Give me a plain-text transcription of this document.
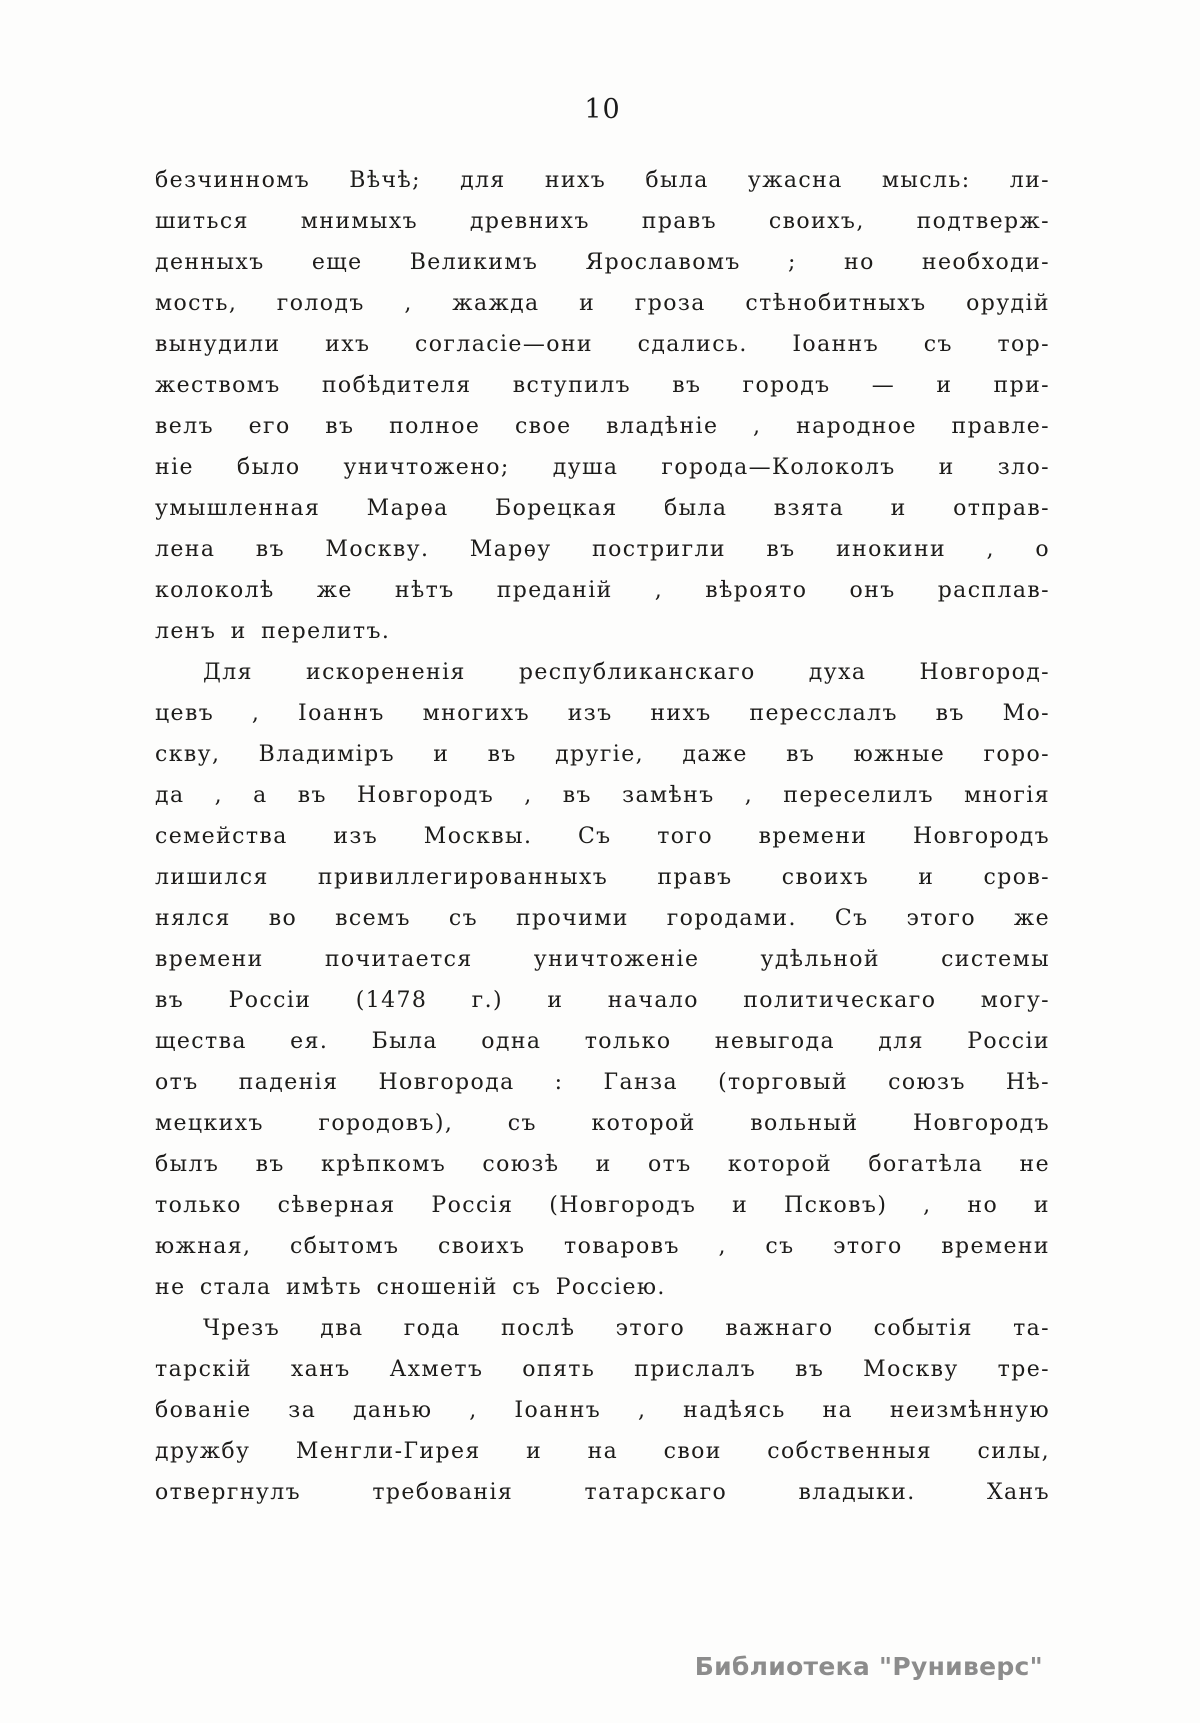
10
безчинномъ Вѣчѣ; для нихъ была ужасна мысль: ли-
шиться мнимыхъ древнихъ правъ своихъ, подтверж-
денныхъ еще Великимъ Ярославомъ ; но необходи-
мость, голодъ , жажда и гроза стѣнобитныхъ орудій
вынудили ихъ согласіе—они сдались. Іоаннъ съ тор-
жествомъ побѣдителя вступилъ въ городъ — и при-
велъ его въ полное свое владѣніе , народное правле-
ніе было уничтожено; душа города—Колоколъ и зло-
умышленная Марѳа Борецкая была взята и отправ-
лена въ Москву. Марѳу постригли въ инокини , о
колоколѣ же нѣтъ преданій , вѣроято онъ расплав-
ленъ и перелитъ.
Для искорененія республиканскаго духа Новгород-
цевъ , Іоаннъ многихъ изъ нихъ пересслалъ въ Мо-
скву, Владиміръ и въ другіе, даже въ южные горо-
да , а въ Новгородъ , въ замѣнъ , переселилъ многія
семейства изъ Москвы. Съ того времени Новгородъ
лишился привиллегированныхъ правъ своихъ и сров-
нялся во всемъ съ прочими городами. Съ этого же
времени почитается уничтоженіе удѣльной системы
въ Россіи (1478 г.) и начало политическаго могу-
щества ея. Была одна только невыгода для Россіи
отъ паденія Новгорода : Ганза (торговый союзъ Нѣ-
мецкихъ городовъ), съ которой вольный Новгородъ
былъ въ крѣпкомъ союзѣ и отъ которой богатѣла не
только сѣверная Россія (Новгородъ и Псковъ) , но и
южная, сбытомъ своихъ товаровъ , съ этого времени
не стала имѣть сношеній съ Россіею.
Чрезъ два года послѣ этого важнаго событія та-
тарскій ханъ Ахметъ опять прислалъ въ Москву тре-
бованіе за данью , Іоаннъ , надѣясь на неизмѣнную
дружбу Менгли-Гирея и на свои собственныя силы,
отвергнулъ требованія татарскаго владыки. Ханъ
Библиотека "Руниверс"
